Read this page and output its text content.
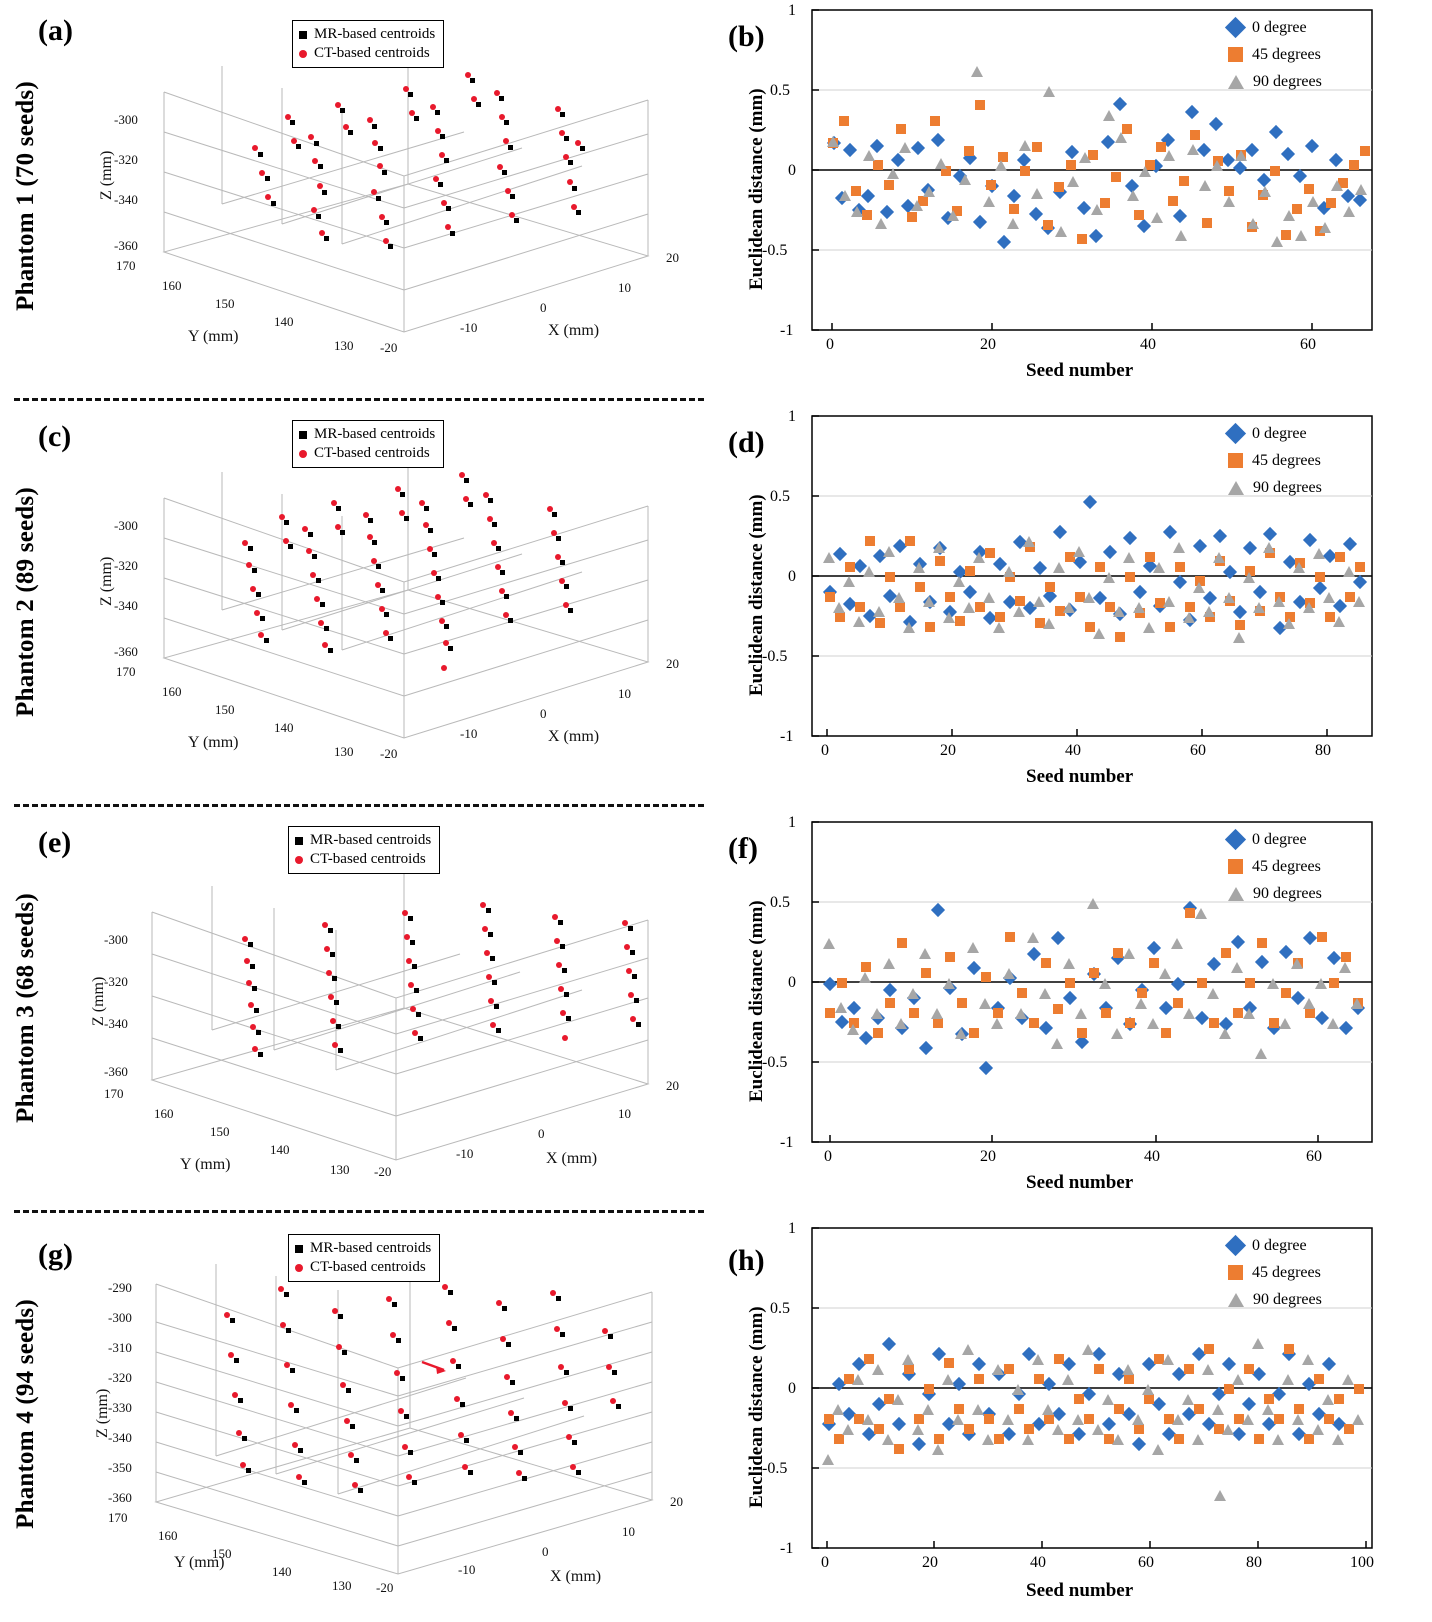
Phantom 1 (70 seeds)
(a)	MR-based centroids
CT-based centroids
-300
-320
-340
-360
Z (mm)
170
160
150
140
130
Y (mm)
-20
-10
0
10
20
X (mm)
(b)	0 degree
45 degrees
90 degrees
-1
-0.5
0
0.5
1
Euclidean distance (mm)
0	20	40	60
Seed number
Phantom 2 (89 seeds)
(c)	MR-based centroids
CT-based centroids
-300
-320
-340
-360
Z (mm)
170
160
150
140
130
Y (mm)
-20
-10
0
10
20
X (mm)
(d)	0 degree
45 degrees
90 degrees
-1
-0.5
0
0.5
1
Euclidean distance (mm)
0	20	40	60	80
Seed number
Phantom 3 (68 seeds)
(e)	MR-based centroids
CT-based centroids
-300
-320
-340
-360
Z (mm)
170
160
150
140
130
Y (mm)	-20
-10
0
10
20
X (mm)
(f)	0 degree
45 degrees
90 degrees
-1
-0.5
0
0.5
1
Euclidean distance (mm)
0	20	40	60
Seed number
Phantom 4 (94 seeds)
(g)	MR-based centroids
CT-based centroids
-290
-300
-310
-320
-330
-340
-350
-360
Z (mm)
170
160
150
140
130
Y (mm)
-20
-10
0
10
20
X (mm)
(h)	0 degree
45 degrees
90 degrees
-1
-0.5
0
0.5
1
Euclidean distance (mm)
0	20	40	60	80	100
Seed number
